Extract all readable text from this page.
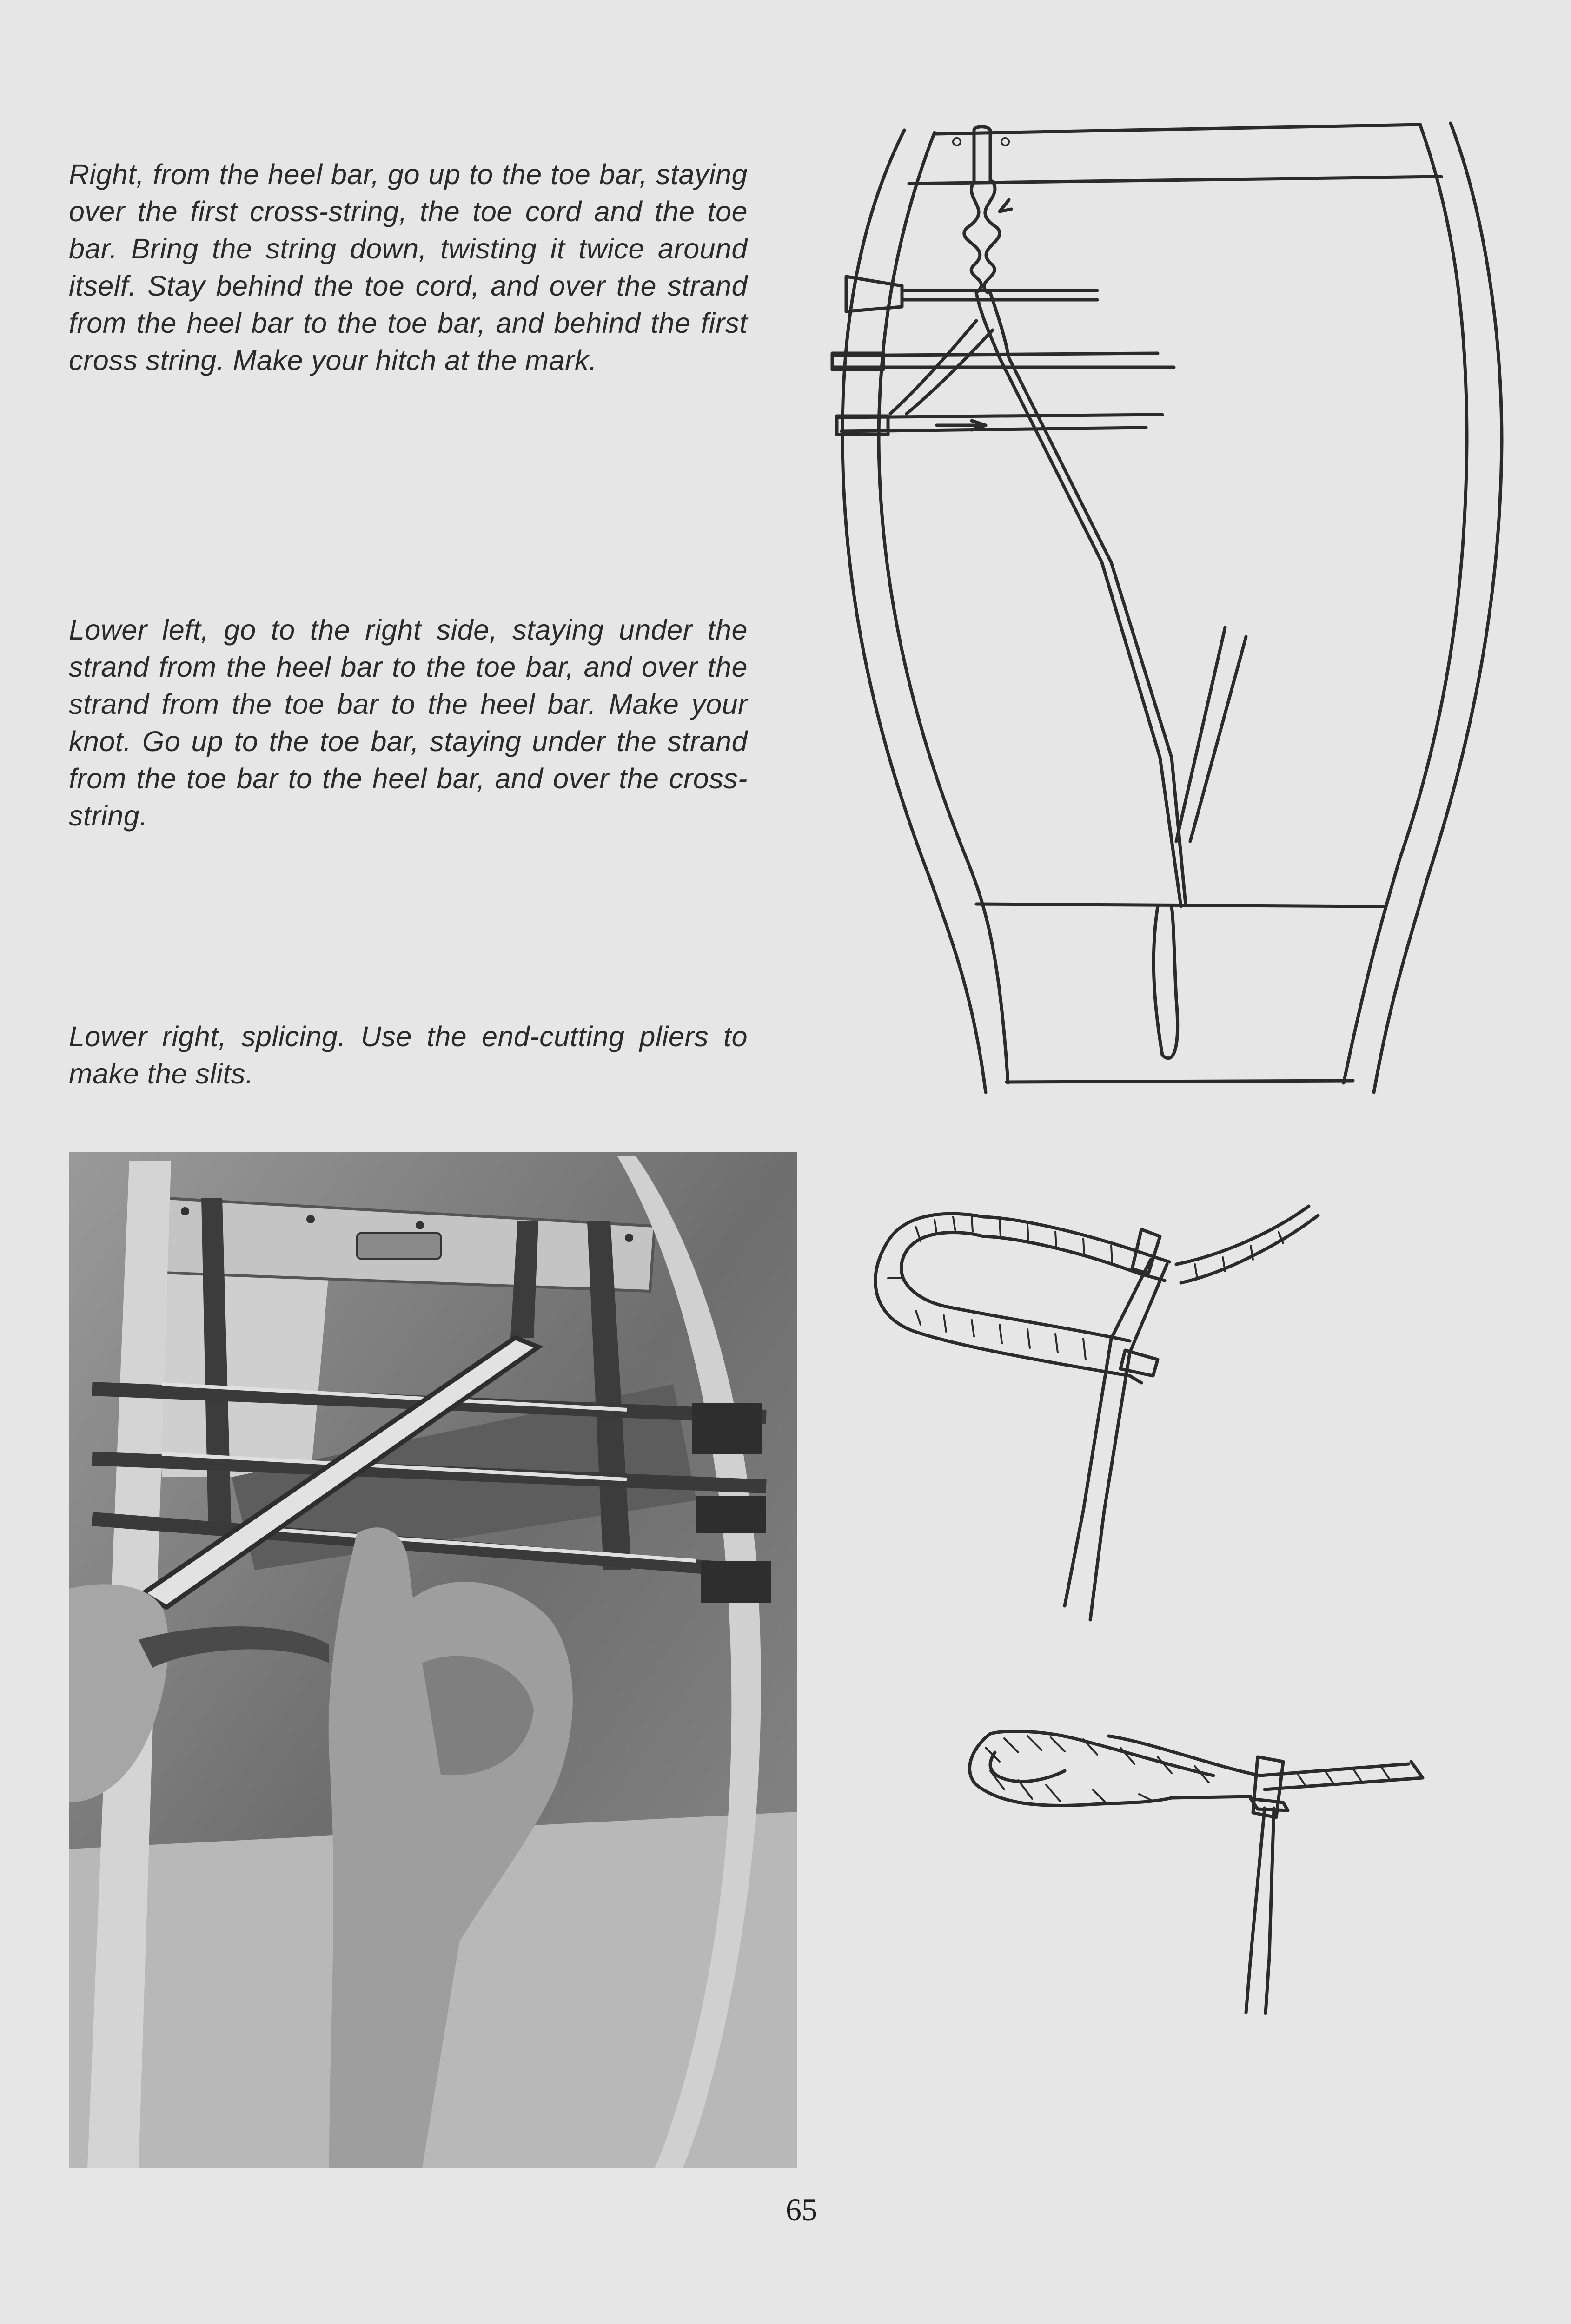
Right, from the heel bar, go up to the toe bar, staying over the first cross-string, the toe cord and the toe bar. Bring the string down, twisting it twice around itself. Stay behind the toe cord, and over the strand from the heel bar to the toe bar, and behind the first cross string. Make your hitch at the mark.
Lower left, go to the right side, staying under the strand from the heel bar to the toe bar, and over the strand from the toe bar to the heel bar. Make your knot. Go up to the toe bar, staying under the strand from the toe bar to the heel bar, and over the cross-string.
Lower right, splicing. Use the end-cutting pliers to make the slits.
65
